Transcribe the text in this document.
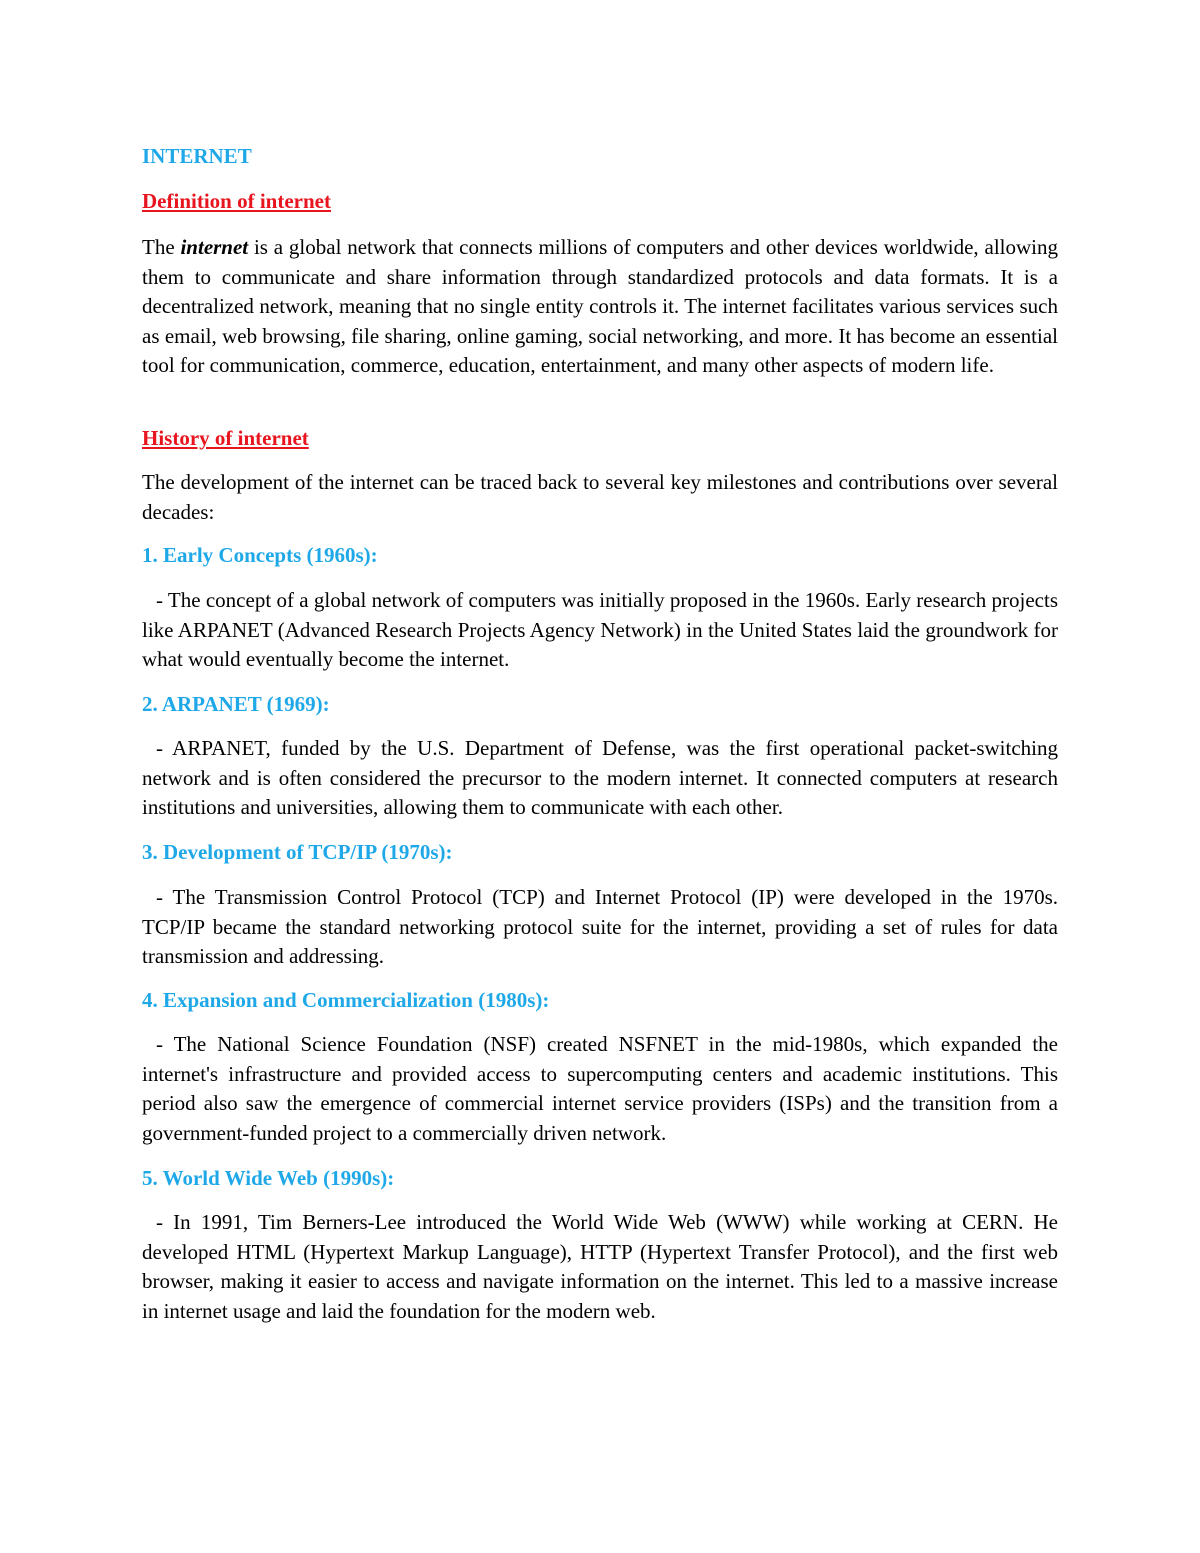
INTERNET
Definition of internet

The internet is a global network that connects millions of computers and other devices worldwide, allowing them to communicate and share information through standardized protocols and data formats. It is a decentralized network, meaning that no single entity controls it. The internet facilitates various services such as email, web browsing, file sharing, online gaming, social networking, and more. It has become an essential tool for communication, commerce, education, entertainment, and many other aspects of modern life.

History of internet

The development of the internet can be traced back to several key milestones and contributions over several decades:

1. Early Concepts (1960s):

- The concept of a global network of computers was initially proposed in the 1960s. Early research projects like ARPANET (Advanced Research Projects Agency Network) in the United States laid the groundwork for what would eventually become the internet.

2. ARPANET (1969):

- ARPANET, funded by the U.S. Department of Defense, was the first operational packet-switching network and is often considered the precursor to the modern internet. It connected computers at research institutions and universities, allowing them to communicate with each other.

3. Development of TCP/IP (1970s):

- The Transmission Control Protocol (TCP) and Internet Protocol (IP) were developed in the 1970s. TCP/IP became the standard networking protocol suite for the internet, providing a set of rules for data transmission and addressing.

4. Expansion and Commercialization (1980s):

- The National Science Foundation (NSF) created NSFNET in the mid-1980s, which expanded the internet's infrastructure and provided access to supercomputing centers and academic institutions. This period also saw the emergence of commercial internet service providers (ISPs) and the transition from a government-funded project to a commercially driven network.

5. World Wide Web (1990s):

- In 1991, Tim Berners-Lee introduced the World Wide Web (WWW) while working at CERN. He developed HTML (Hypertext Markup Language), HTTP (Hypertext Transfer Protocol), and the first web browser, making it easier to access and navigate information on the internet. This led to a massive increase in internet usage and laid the foundation for the modern web.
